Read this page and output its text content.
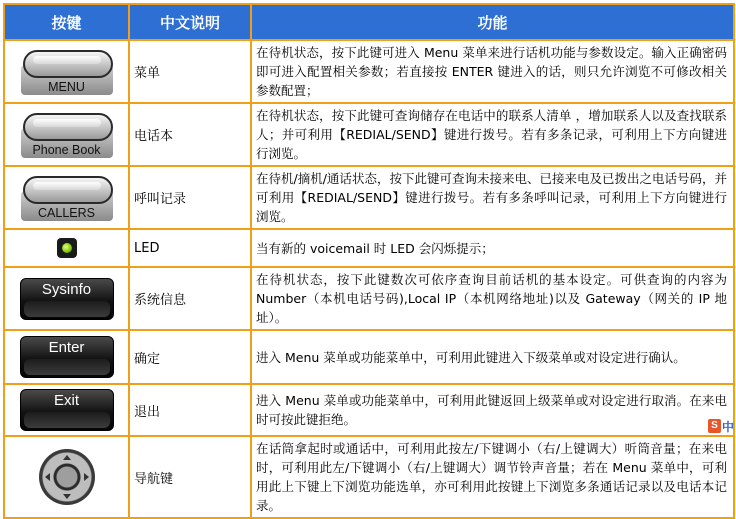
按键	中文说明	功能

MENU	菜单	在待机状态，按下此键可进入 Menu 菜单来进行话机功能与参数设定。输入正确密码即可进入配置相关参数；若直接按 ENTER 键进入的话，则只允许浏览不可修改相关参数配置；

Phone Book	电话本	在待机状态，按下此键可查询储存在电话中的联系人清单 ，增加联系人以及查找联系人；并可利用【REDIAL/SEND】键进行拨号。若有多条记录，可利用上下方向键进行浏览。

CALLERS	呼叫记录	在待机/摘机/通话状态，按下此键可查询未接来电、已接来电及已拨出之电话号码，并可利用【REDIAL/SEND】键进行拨号。若有多条呼叫记录，可利用上下方向键进行浏览。

	LED	当有新的 voicemail 时 LED 会闪烁提示；

Sysinfo	系统信息	在待机状态，按下此键数次可依序查询目前话机的基本设定。可供查询的内容为 Number（本机电话号码),Local IP（本机网络地址)以及 Gateway（网关的 IP 地址）。

Enter	确定	进入 Menu 菜单或功能菜单中，可利用此键进入下级菜单或对设定进行确认。

Exit	退出	进入 Menu 菜单或功能菜单中，可利用此键返回上级菜单或对设定进行取消。在来电时可按此键拒绝。

	导航键	在话筒拿起时或通话中，可利用此按左/下键调小（右/上键调大）听筒音量；在来电时，可利用此左/下键调小（右/上键调大）调节铃声音量；若在 Menu 菜单中，可利用此上下键上下浏览功能选单，亦可利用此按键上下浏览多条通话记录以及电话本记录。
S 中
